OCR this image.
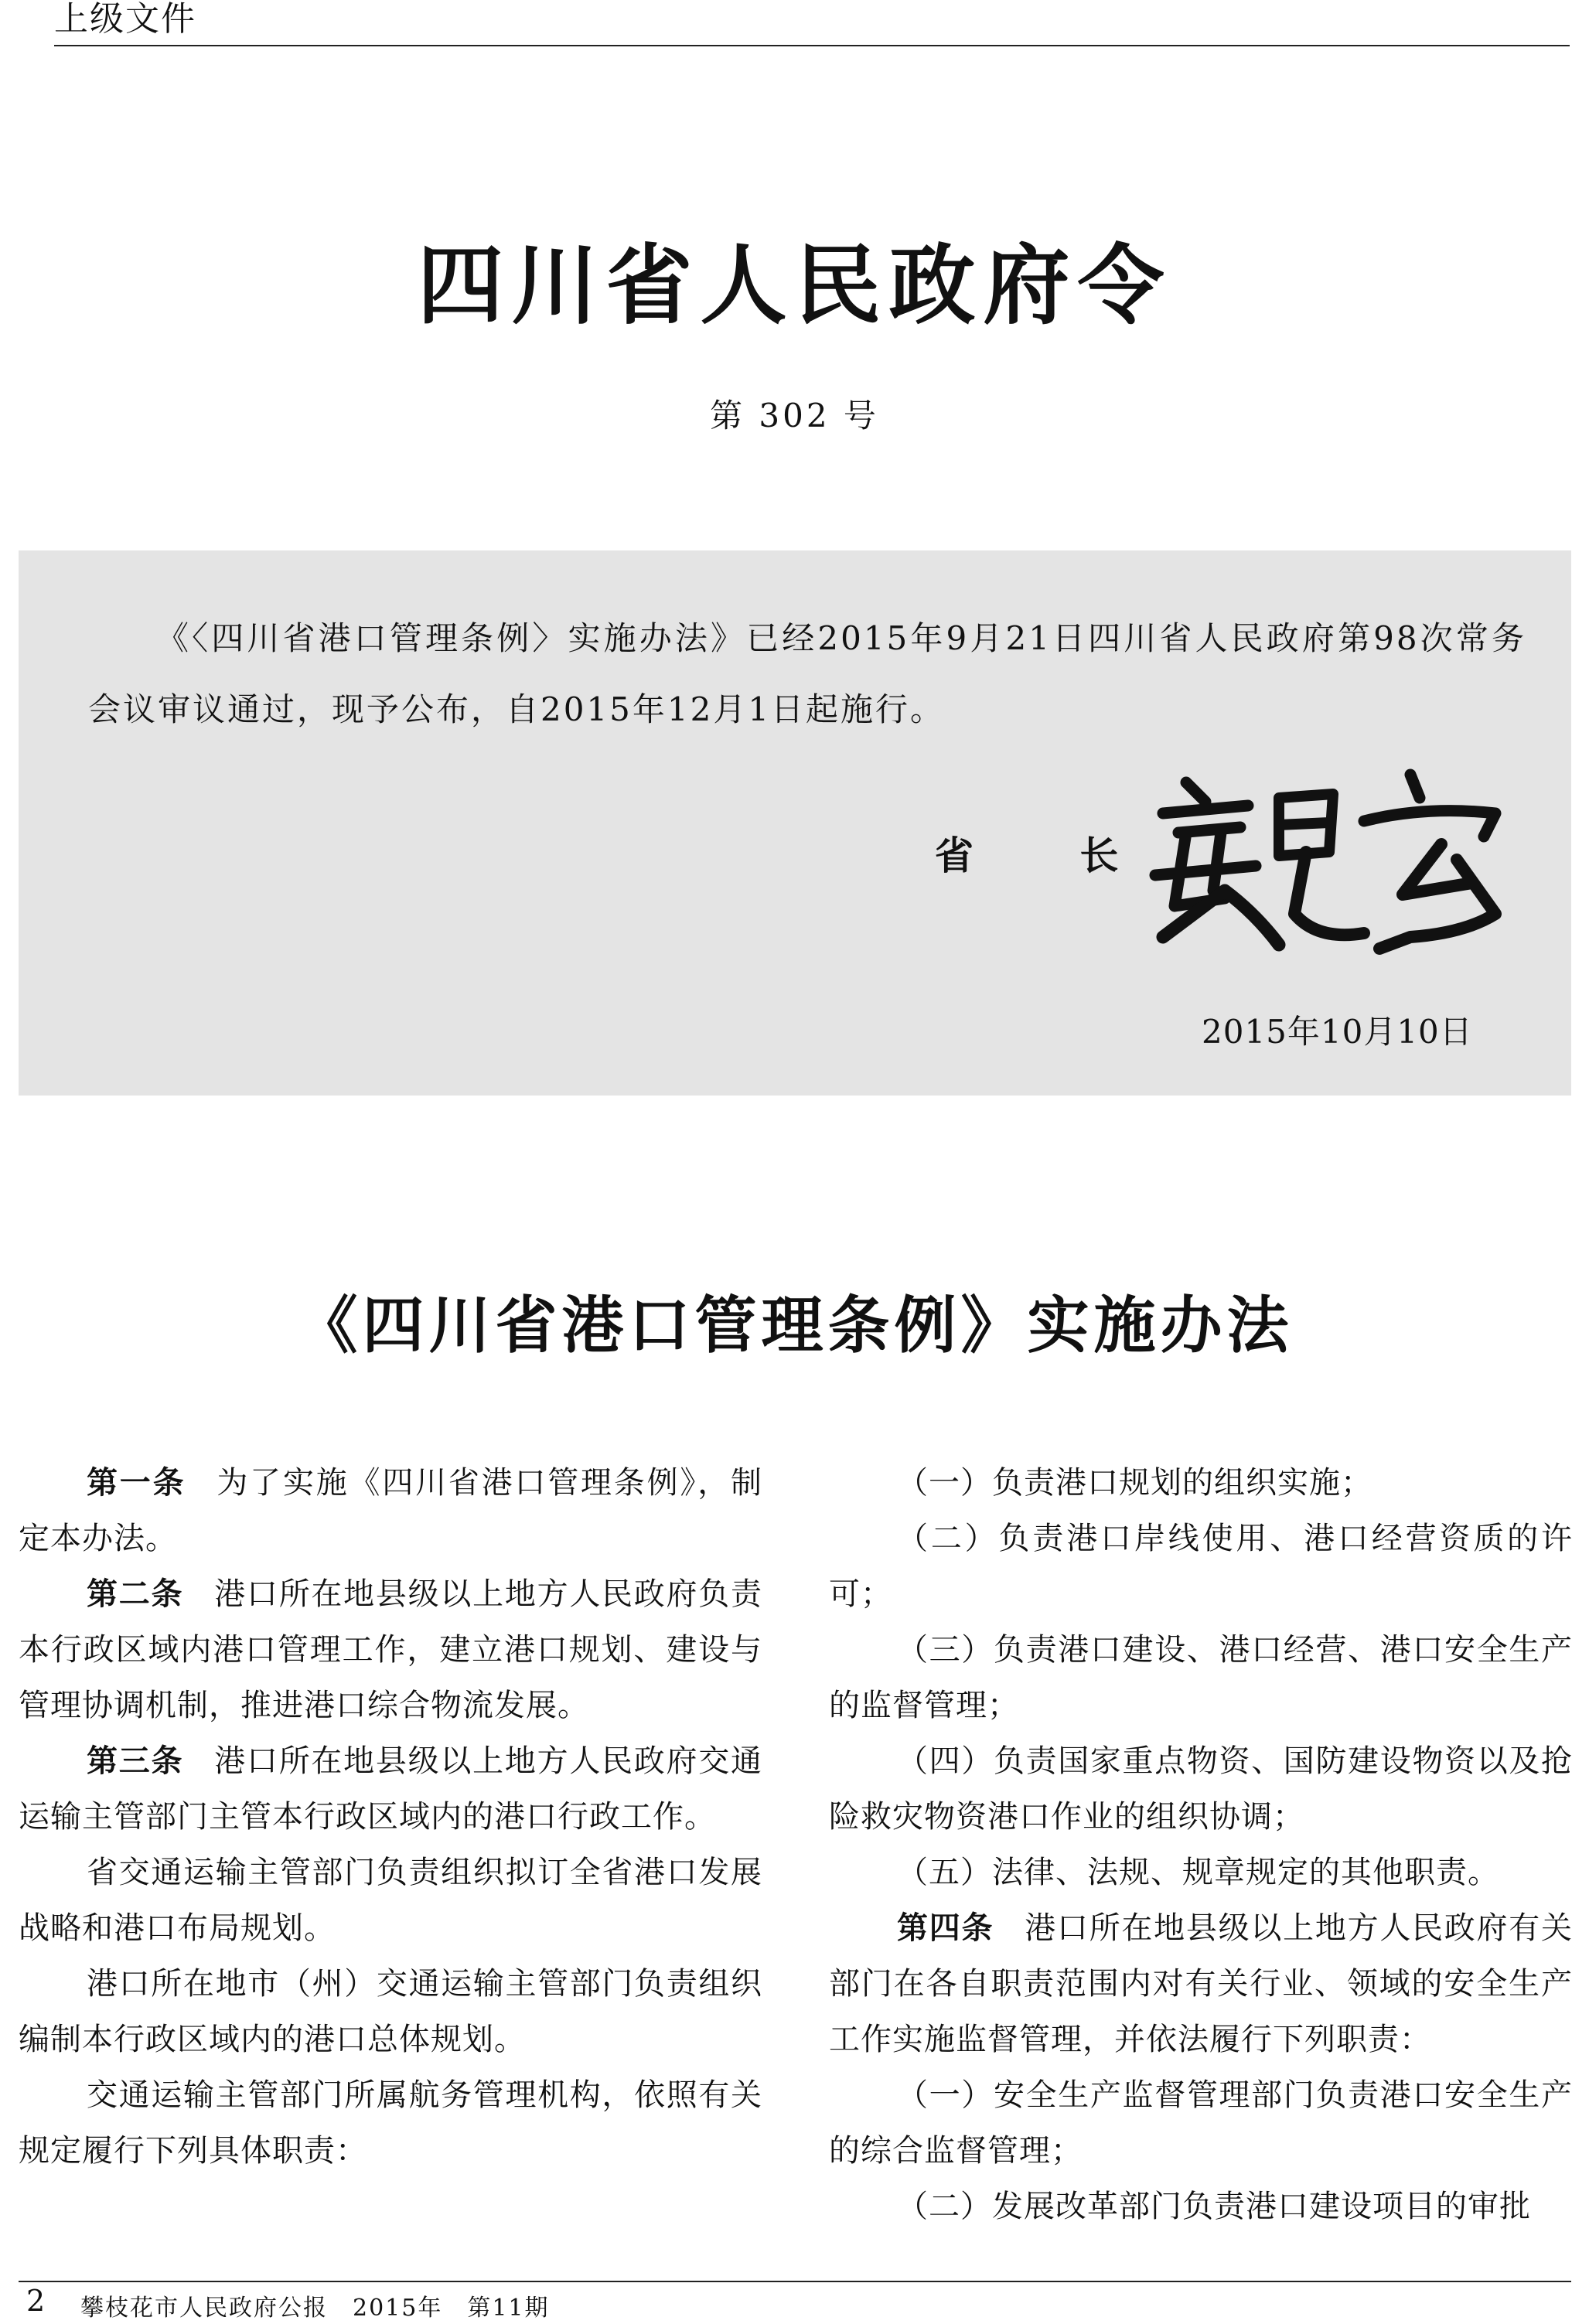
上级文件
四川省人民政府令
第 302 号
《〈四川省港口管理条例〉实施办法》已经2015年9月21日四川省人民政府第98次常务会议审议通过，现予公布，自2015年12月1日起施行。
省 长
2015年10月10日
《四川省港口管理条例》实施办法

第一条 为了实施《四川省港口管理条例》，制定本办法。

第二条 港口所在地县级以上地方人民政府负责本行政区域内港口管理工作，建立港口规划、建设与管理协调机制，推进港口综合物流发展。

第三条 港口所在地县级以上地方人民政府交通运输主管部门主管本行政区域内的港口行政工作。

省交通运输主管部门负责组织拟订全省港口发展战略和港口布局规划。

港口所在地市（州）交通运输主管部门负责组织编制本行政区域内的港口总体规划。

交通运输主管部门所属航务管理机构，依照有关规定履行下列具体职责：

（一）负责港口规划的组织实施；

（二）负责港口岸线使用、港口经营资质的许可；

（三）负责港口建设、港口经营、港口安全生产的监督管理；

（四）负责国家重点物资、国防建设物资以及抢险救灾物资港口作业的组织协调；

（五）法律、法规、规章规定的其他职责。

第四条 港口所在地县级以上地方人民政府有关部门在各自职责范围内对有关行业、领域的安全生产工作实施监督管理，并依法履行下列职责：

（一）安全生产监督管理部门负责港口安全生产的综合监督管理；

（二）发展改革部门负责港口建设项目的审批

2 攀枝花市人民政府公报　2015年　第11期
